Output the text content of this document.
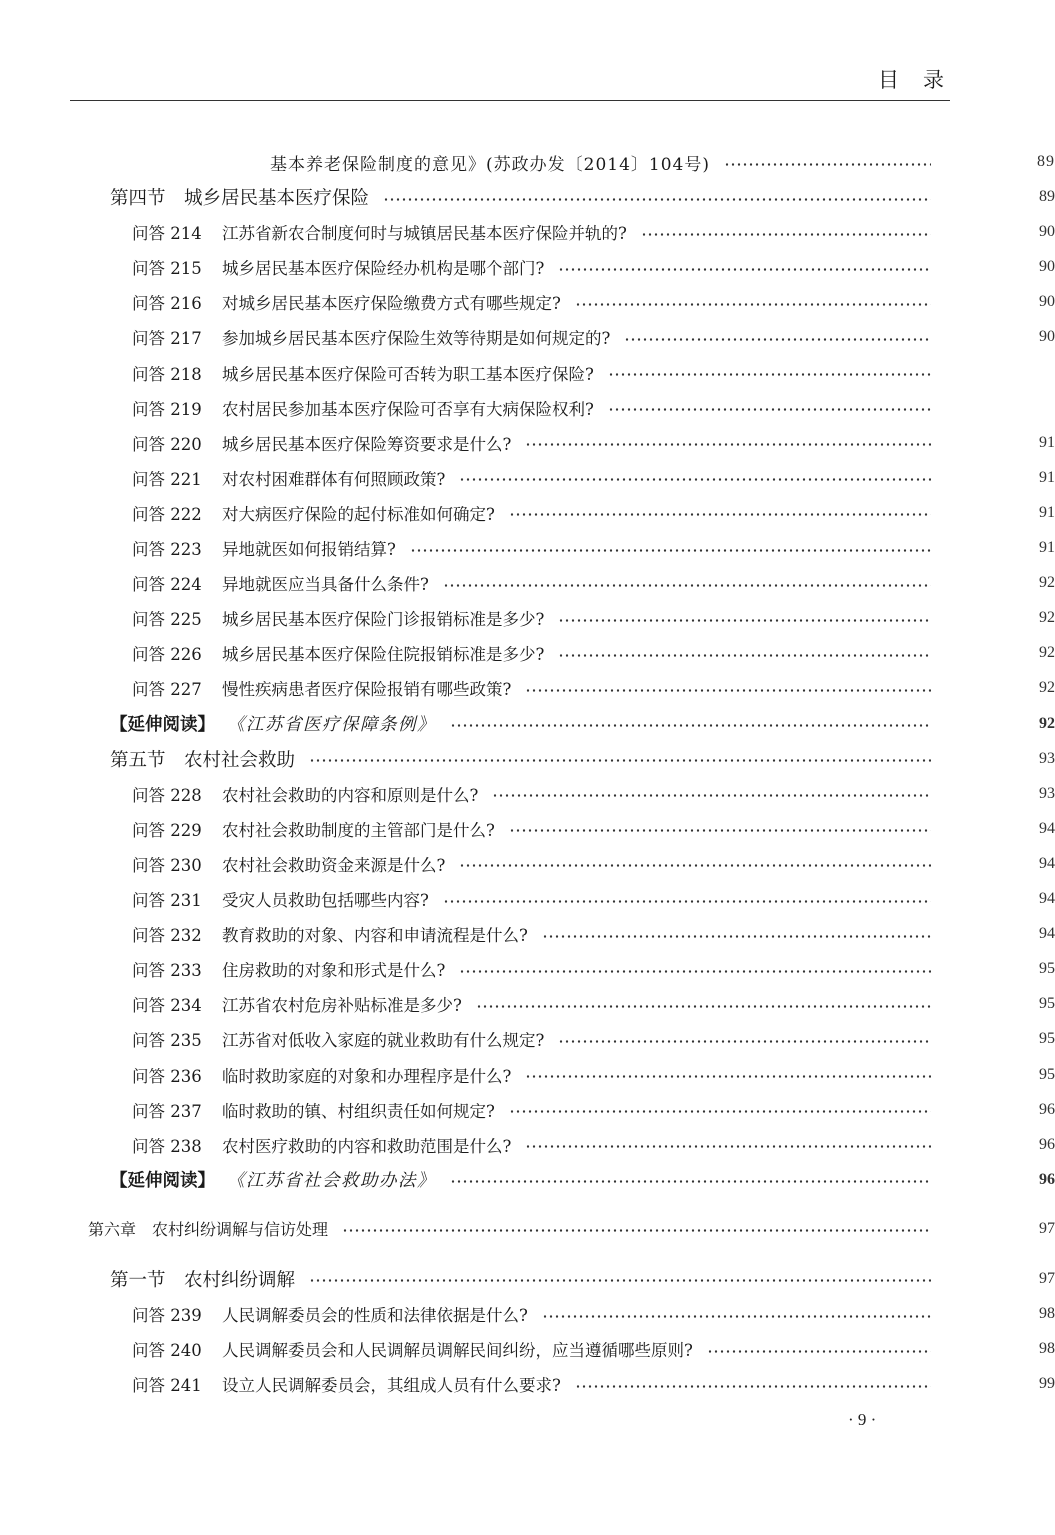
目录
基本养老保险制度的意见》(苏政办发〔2014〕104号)	89
第四节　城乡居民基本医疗保险	89
问答 214	江苏省新农合制度何时与城镇居民基本医疗保险并轨的?	90
问答 215	城乡居民基本医疗保险经办机构是哪个部门?	90
问答 216	对城乡居民基本医疗保险缴费方式有哪些规定?	90
问答 217	参加城乡居民基本医疗保险生效等待期是如何规定的?	90
问答 218	城乡居民基本医疗保险可否转为职工基本医疗保险?
问答 219	农村居民参加基本医疗保险可否享有大病保险权利?
问答 220	城乡居民基本医疗保险筹资要求是什么?	91
问答 221	对农村困难群体有何照顾政策?	91
问答 222	对大病医疗保险的起付标准如何确定?	91
问答 223	异地就医如何报销结算?	91
问答 224	异地就医应当具备什么条件?	92
问答 225	城乡居民基本医疗保险门诊报销标准是多少?	92
问答 226	城乡居民基本医疗保险住院报销标准是多少?	92
问答 227	慢性疾病患者医疗保险报销有哪些政策?	92
【延伸阅读】 《江苏省医疗保障条例》	92
第五节　农村社会救助	93
问答 228	农村社会救助的内容和原则是什么?	93
问答 229	农村社会救助制度的主管部门是什么?	94
问答 230	农村社会救助资金来源是什么?	94
问答 231	受灾人员救助包括哪些内容?	94
问答 232	教育救助的对象、内容和申请流程是什么?	94
问答 233	住房救助的对象和形式是什么?	95
问答 234	江苏省农村危房补贴标准是多少?	95
问答 235	江苏省对低收入家庭的就业救助有什么规定?	95
问答 236	临时救助家庭的对象和办理程序是什么?	95
问答 237	临时救助的镇、村组织责任如何规定?	96
问答 238	农村医疗救助的内容和救助范围是什么?	96
【延伸阅读】 《江苏省社会救助办法》	96
第六章　农村纠纷调解与信访处理	97
第一节　农村纠纷调解	97
问答 239	人民调解委员会的性质和法律依据是什么?	98
问答 240	人民调解委员会和人民调解员调解民间纠纷，应当遵循哪些原则?	98
问答 241	设立人民调解委员会，其组成人员有什么要求?	99
· 9 ·
